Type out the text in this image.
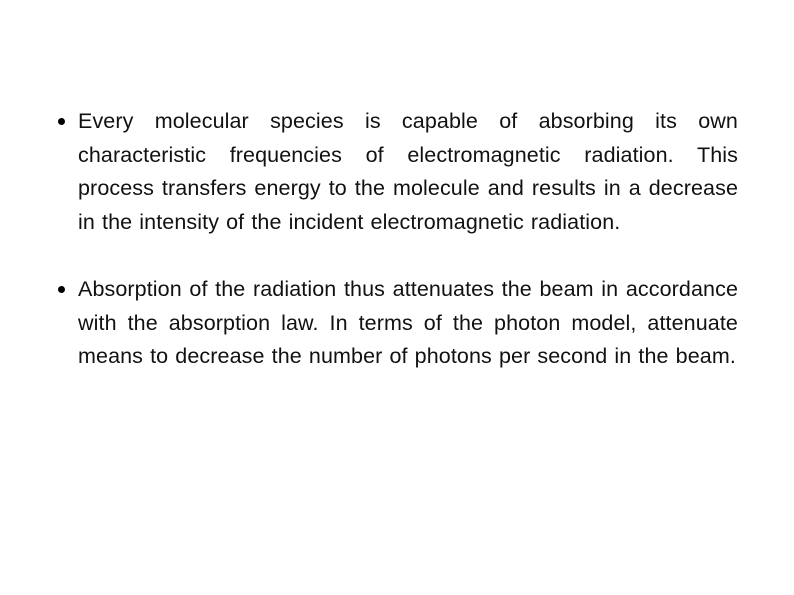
Every molecular species is capable of absorbing its own characteristic frequencies of electromagnetic radiation. This process transfers energy to the molecule and results in a decrease in the intensity of the incident electromagnetic radiation.
Absorption of the radiation thus attenuates the beam in accordance with the absorption law. In terms of the photon model, attenuate means to decrease the number of photons per second in the beam.
